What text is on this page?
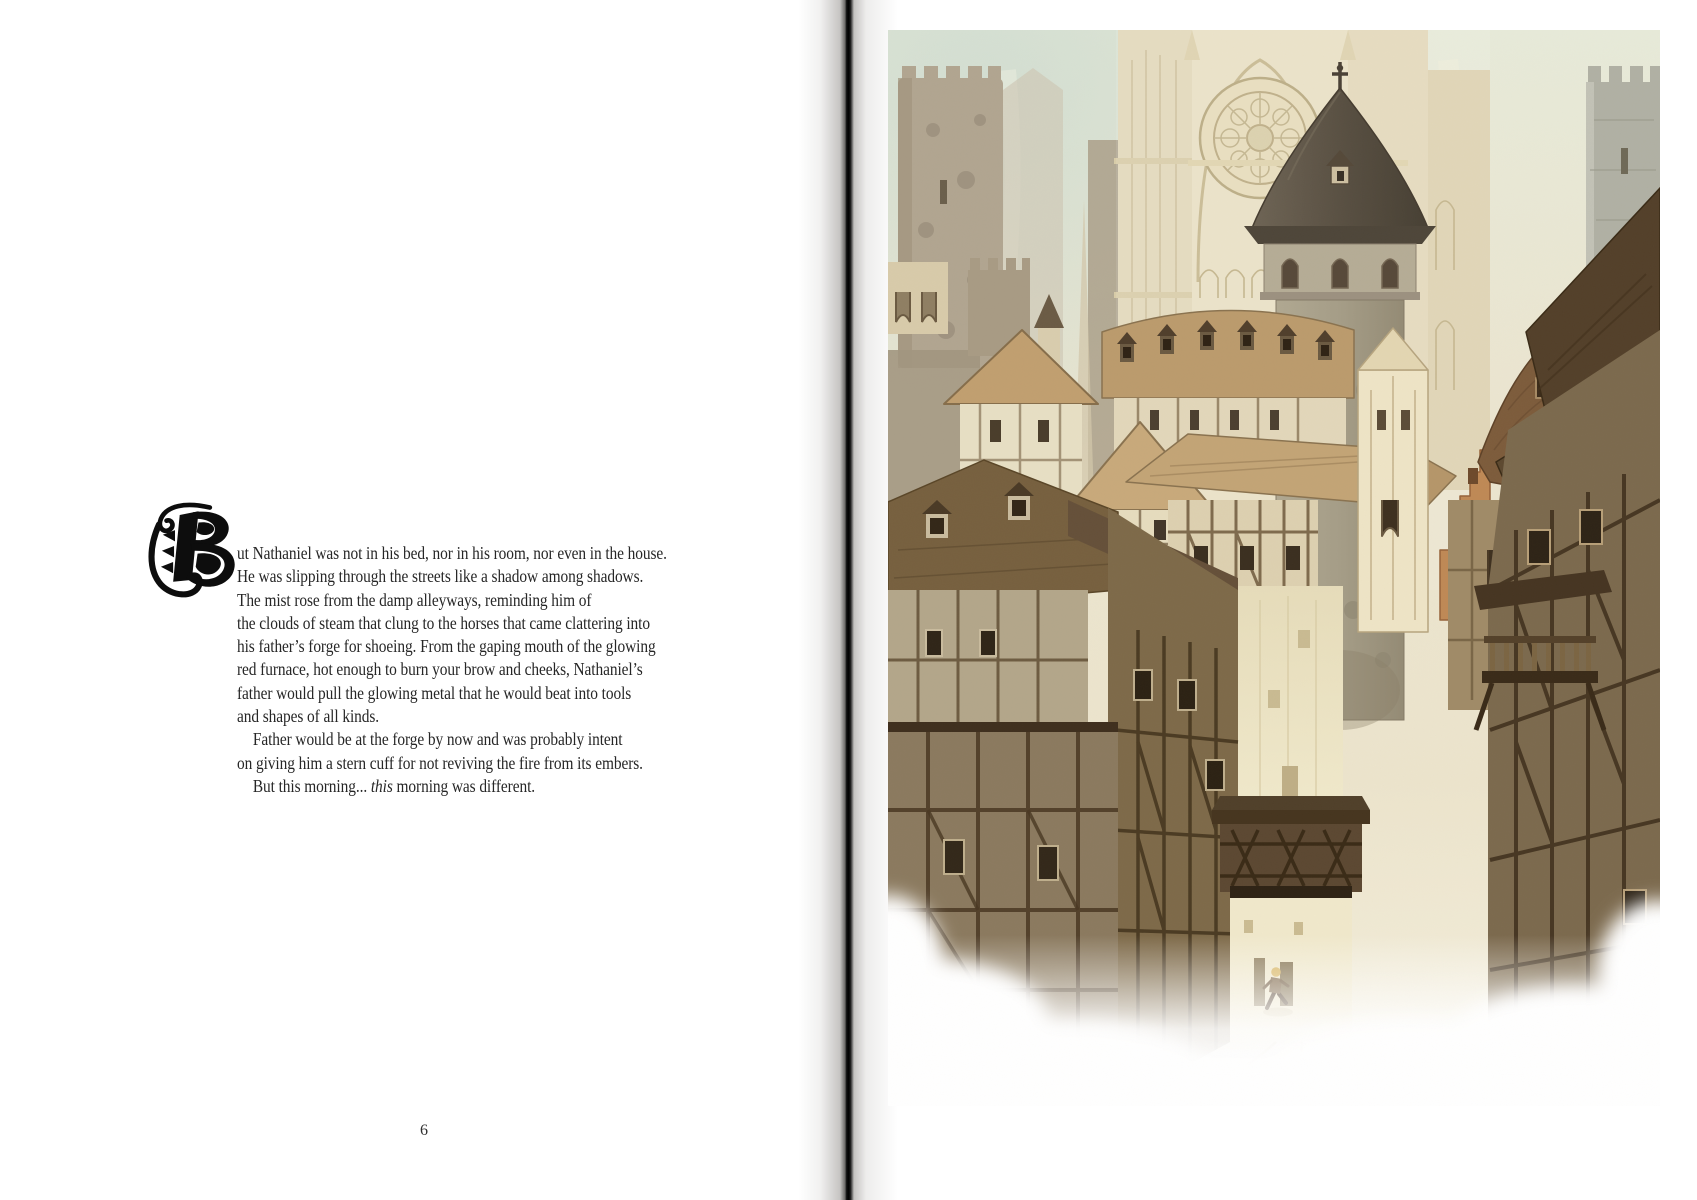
ut Nathaniel was not in his bed, nor in his room, nor even in the house.
He was slipping through the streets like a shadow among shadows.
The mist rose from the damp alleyways, reminding him of
the clouds of steam that clung to the horses that came clattering into
his father’s forge for shoeing. From the gaping mouth of the glowing
red furnace, hot enough to burn your brow and cheeks, Nathaniel’s
father would pull the glowing metal that he would beat into tools
and shapes of all kinds.
Father would be at the forge by now and was probably intent
on giving him a stern cuff for not reviving the fire from its embers.
But this morning... this morning was different.
6
